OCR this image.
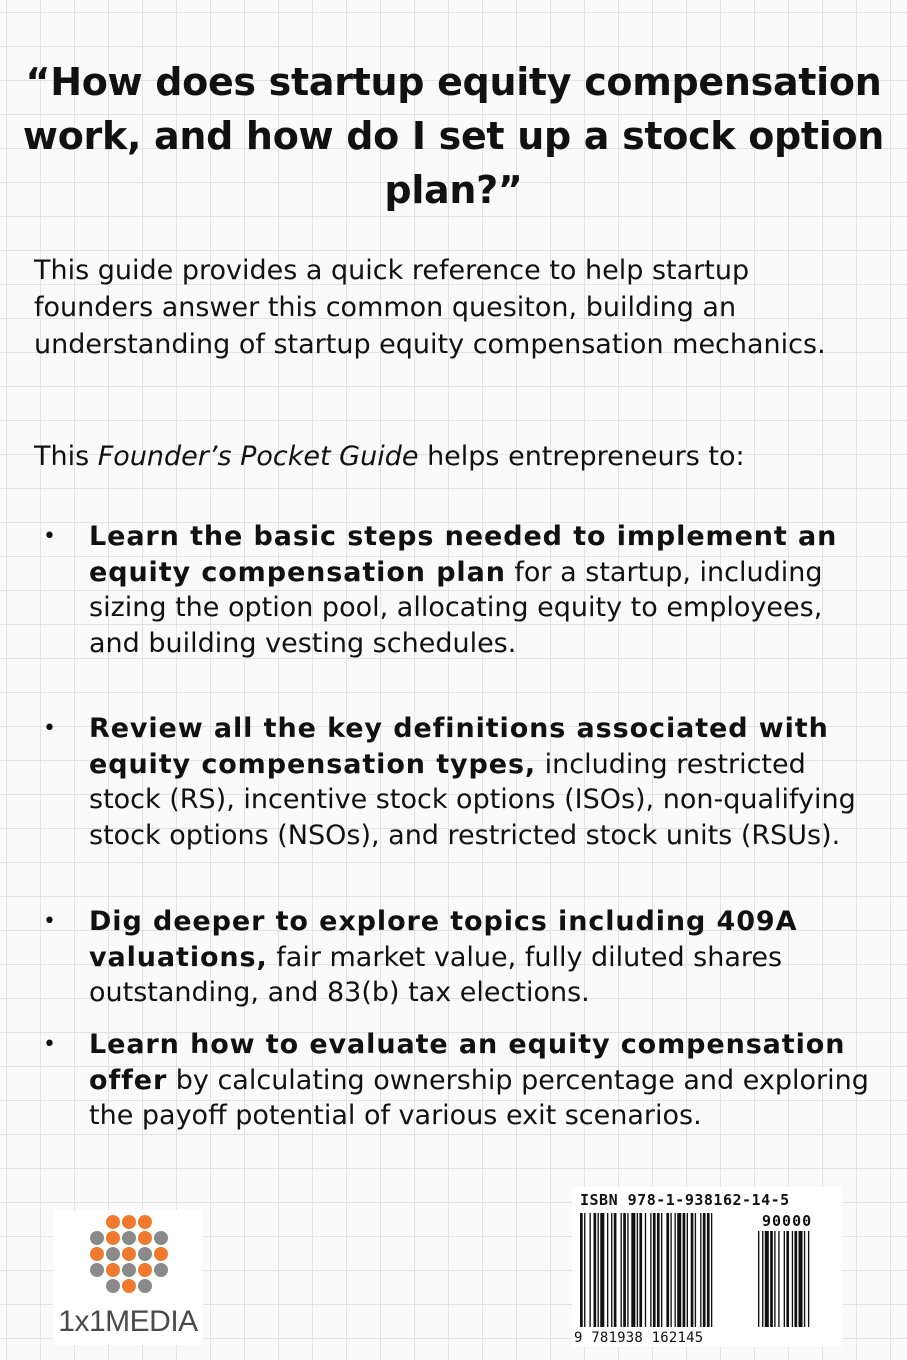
“How does startup equity compensation work, and how do I set up a stock option plan?”

This guide provides a quick reference to help startup founders answer this common quesiton, building an understanding of startup equity compensation mechanics.

This Founder’s Pocket Guide helps entrepreneurs to:

• Learn the basic steps needed to implement an equity compensation plan for a startup, including sizing the option pool, allocating equity to employees, and building vesting schedules.

• Review all the key definitions associated with equity compensation types, including restricted stock (RS), incentive stock options (ISOs), non-qualifying stock options (NSOs), and restricted stock units (RSUs).

• Dig deeper to explore topics including 409A valuations, fair market value, fully diluted shares outstanding, and 83(b) tax elections.

• Learn how to evaluate an equity compensation offer by calculating ownership percentage and exploring the payoff potential of various exit scenarios.

1x1MEDIA
ISBN 978-1-938162-14-5
90000
9 781938 162145
